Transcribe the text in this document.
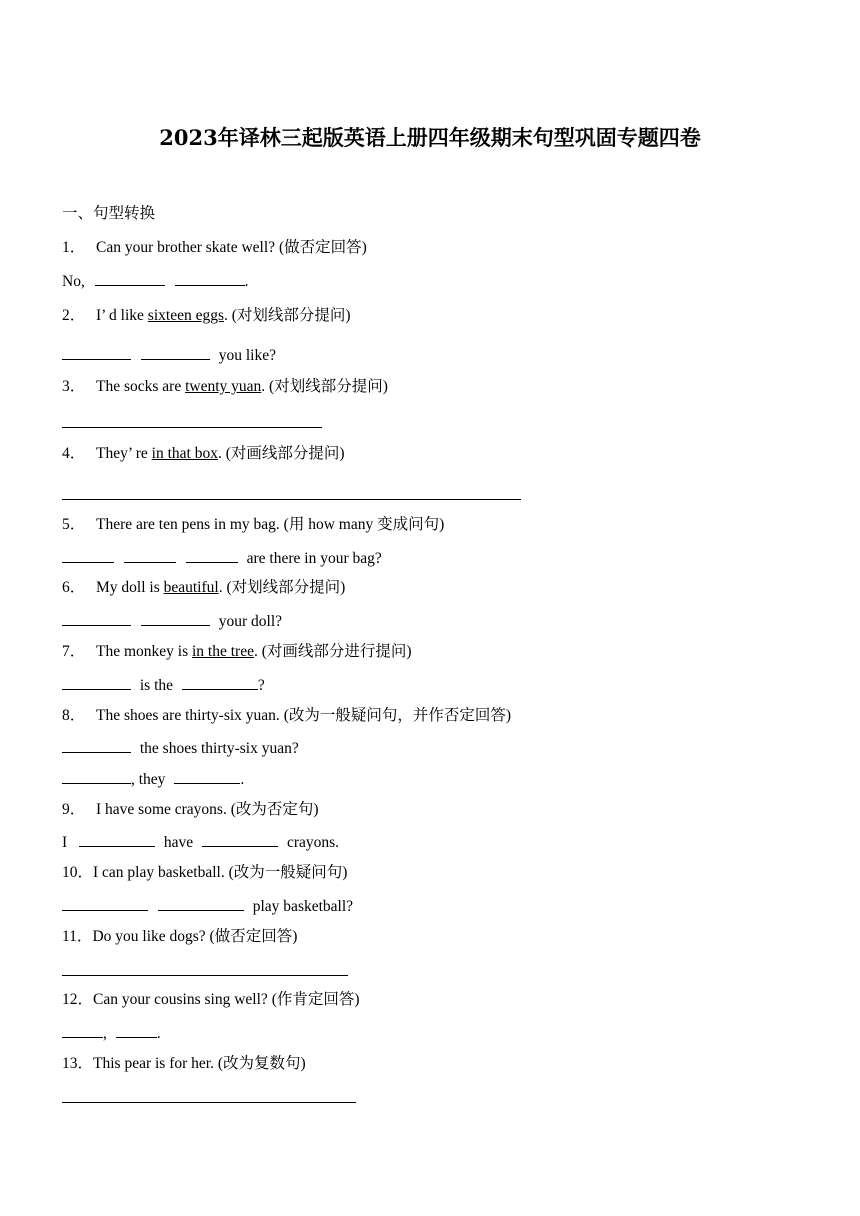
2023年译林三起版英语上册四年级期末句型巩固专题四卷
一、句型转换
1． Can your brother skate well? (做否定回答)
No,	.
2． I’ d like sixteen eggs. (对划线部分提问)
you like?
3． The socks are twenty yuan. (对划线部分提问)
4． They’ re in that box. (对画线部分提问)
5． There are ten pens in my bag. (用 how many 变成问句)
are there in your bag?
6． My doll is beautiful. (对划线部分提问)
your doll?
7． The monkey is in the tree. (对画线部分进行提问)
is the	?
8． The shoes are thirty-six yuan. (改为一般疑问句，并作否定回答)
the shoes thirty-six yuan?
, they	.
9． I have some crayons. (改为否定句)
I	have	crayons.
10．I can play basketball. (改为一般疑问句)
play basketball?
11．Do you like dogs? (做否定回答)
12．Can your cousins sing well? (作肯定回答)
,	.
13．This pear is for her. (改为复数句)
